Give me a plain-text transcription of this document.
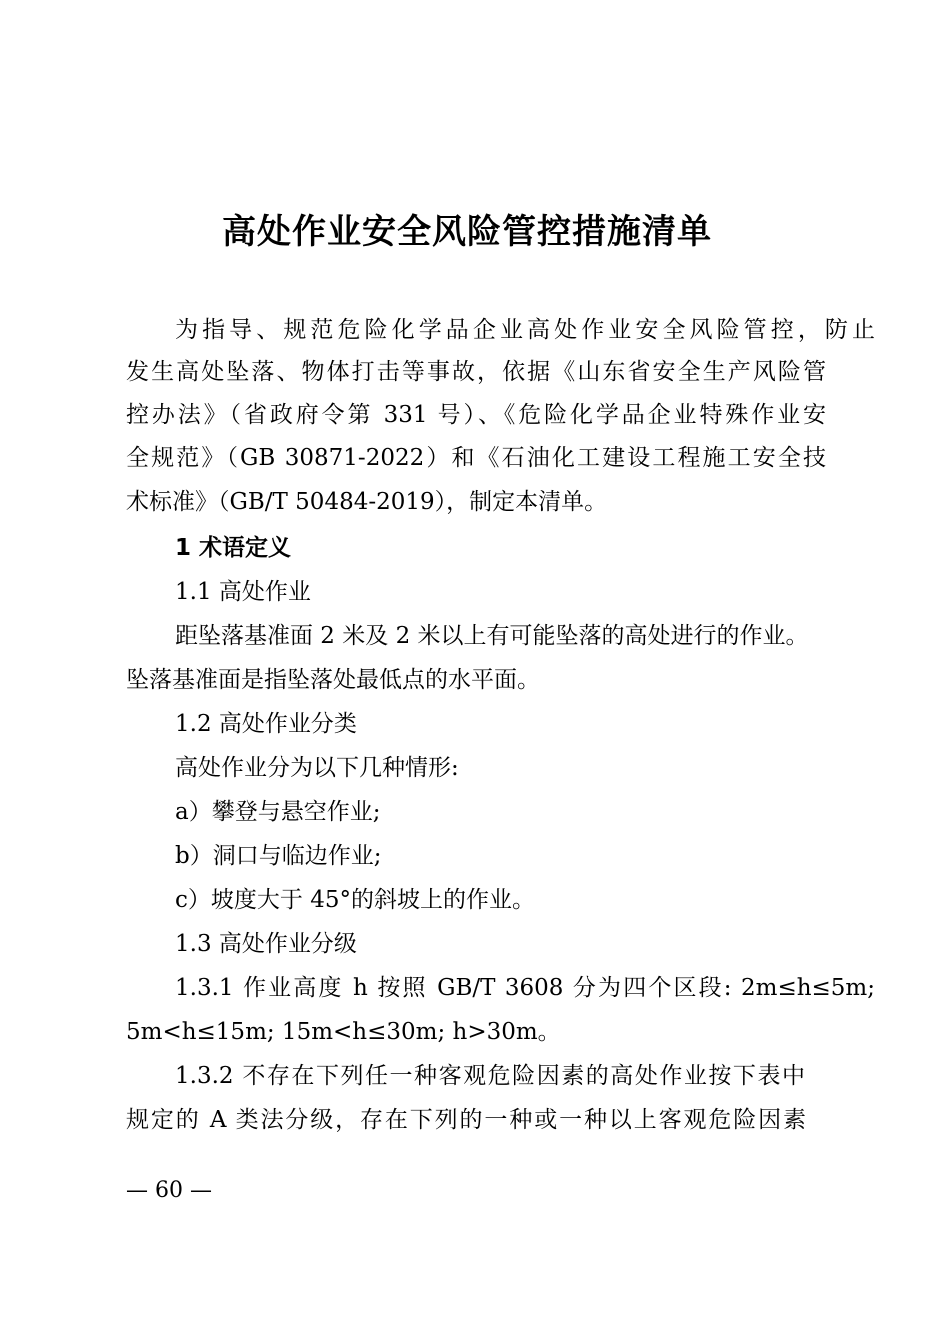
高处作业安全风险管控措施清单
为指导、规范危险化学品企业高处作业安全风险管控，防止
发生高处坠落、物体打击等事故，依据《山东省安全生产风险管
控办法》（省政府令第 331 号）、《危险化学品企业特殊作业安
全规范》（GB 30871-2022）和《石油化工建设工程施工安全技
术标准》（GB/T 50484-2019），制定本清单。
1 术语定义
1.1 高处作业
距坠落基准面 2 米及 2 米以上有可能坠落的高处进行的作业。
坠落基准面是指坠落处最低点的水平面。
1.2 高处作业分类
高处作业分为以下几种情形:
a）攀登与悬空作业;
b）洞口与临边作业;
c）坡度大于 45°的斜坡上的作业。
1.3 高处作业分级
1.3.1 作业高度 h 按照 GB/T 3608 分为四个区段: 2m≤h≤5m;
5m<h≤15m; 15m<h≤30m; h>30m。
1.3.2 不存在下列任一种客观危险因素的高处作业按下表中
规定的 A 类法分级，存在下列的一种或一种以上客观危险因素
— 60 —
